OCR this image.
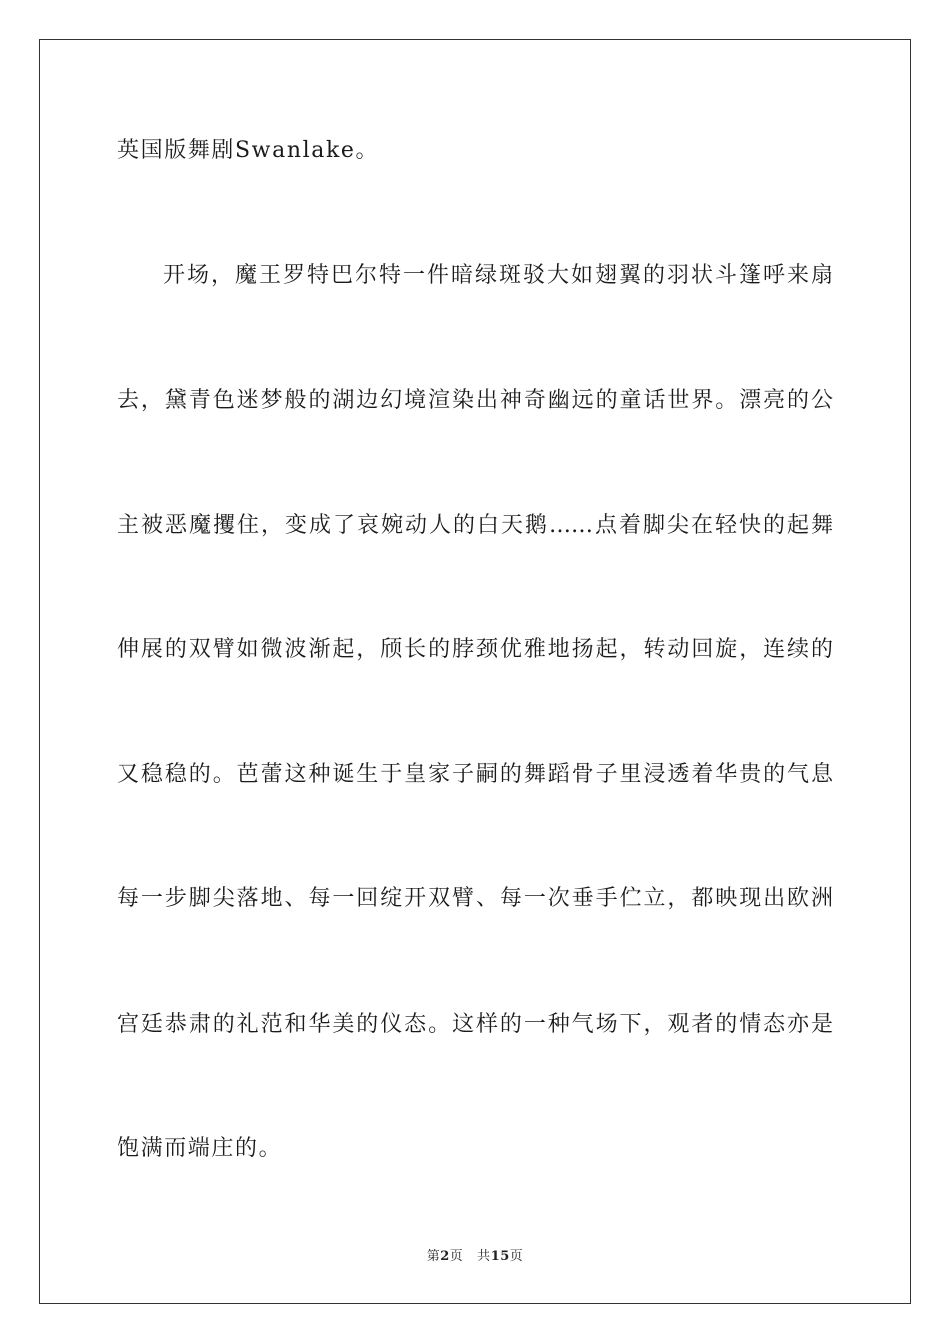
英国版舞剧Swanlake。
开场，魔王罗特巴尔特一件暗绿斑驳大如翅翼的羽状斗篷呼来扇
去，黛青色迷梦般的湖边幻境渲染出神奇幽远的童话世界。漂亮的公
主被恶魔攫住，变成了哀婉动人的白天鹅……点着脚尖在轻快的起舞
伸展的双臂如微波渐起，颀长的脖颈优雅地扬起，转动回旋，连续的
又稳稳的。芭蕾这种诞生于皇家子嗣的舞蹈骨子里浸透着华贵的气息
每一步脚尖落地、每一回绽开双臂、每一次垂手伫立，都映现出欧洲
宫廷恭肃的礼范和华美的仪态。这样的一种气场下，观者的情态亦是
饱满而端庄的。
第2页 共15页
